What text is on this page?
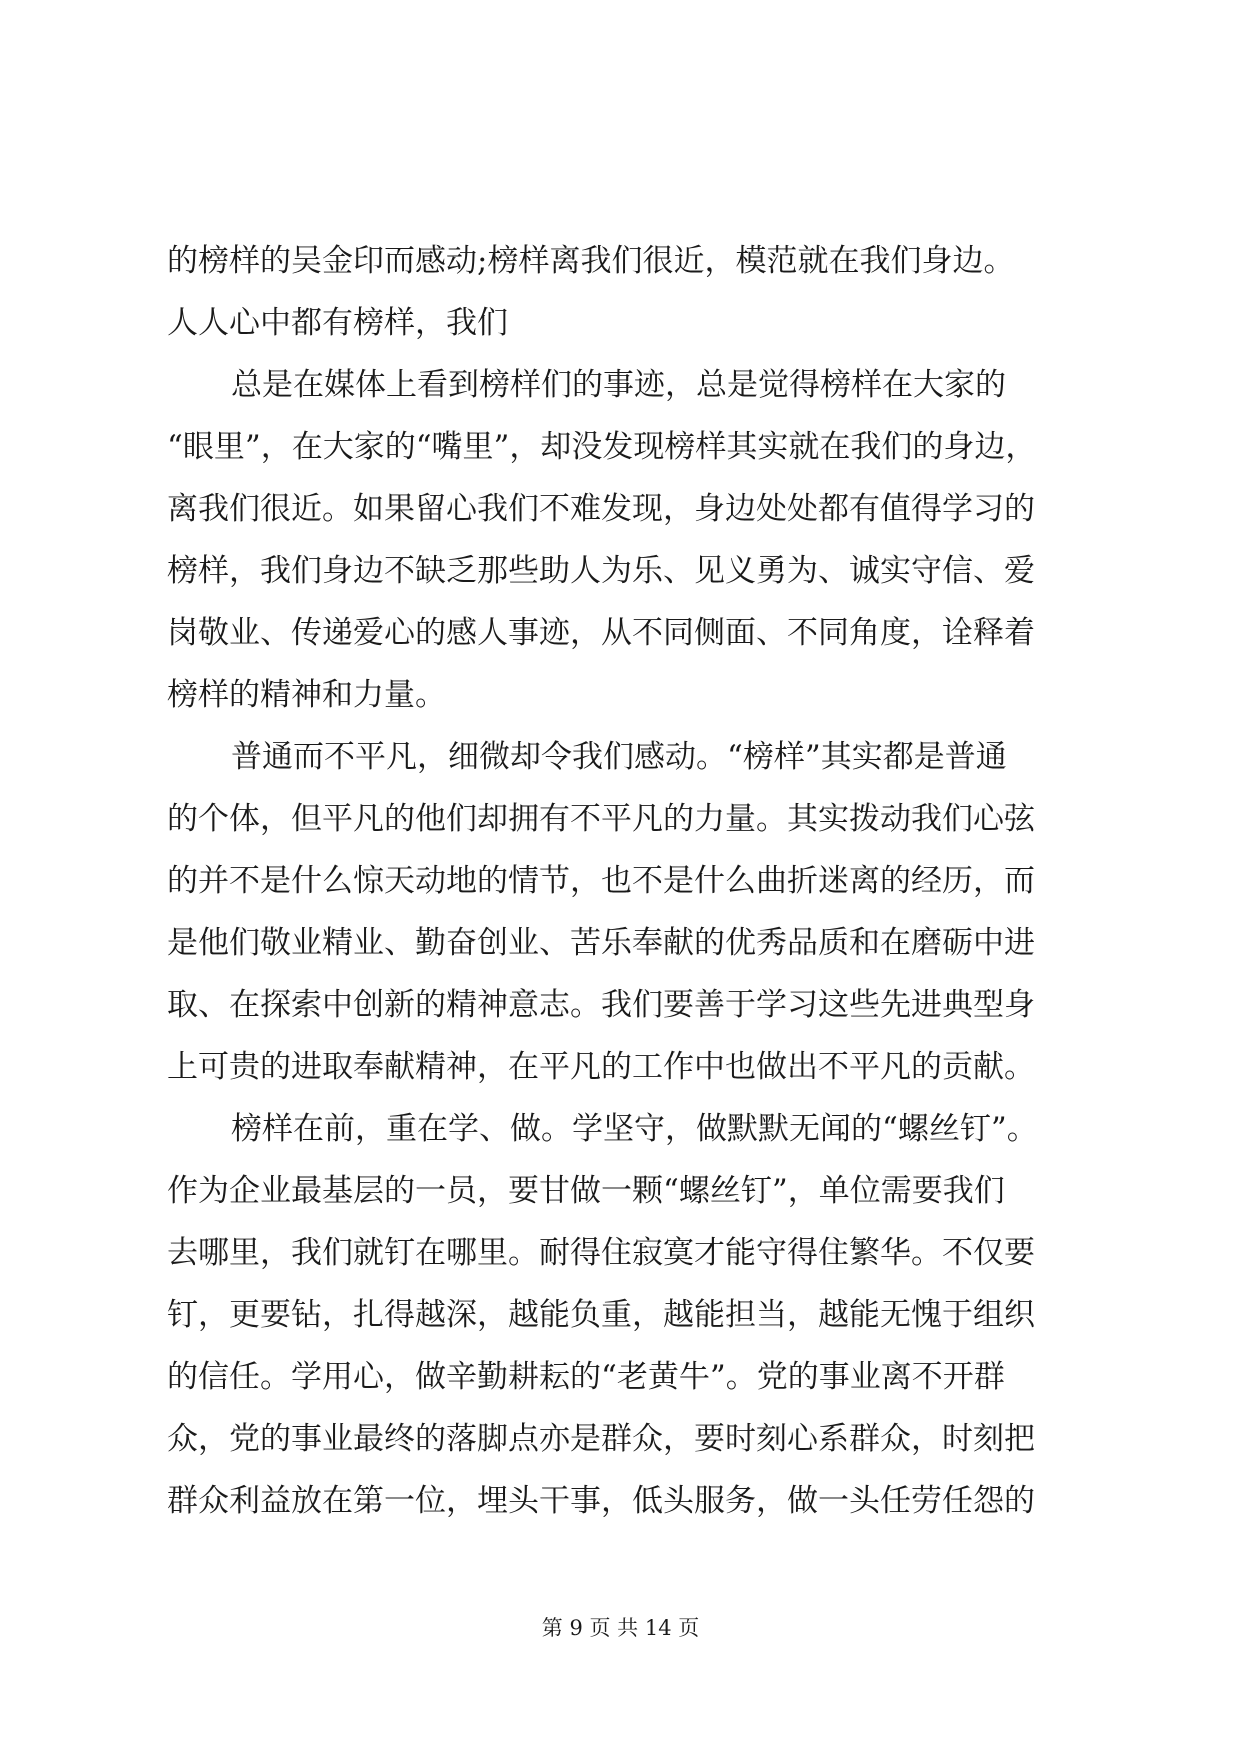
的榜样的吴金印而感动;榜样离我们很近，模范就在我们身边。
人人心中都有榜样，我们
总是在媒体上看到榜样们的事迹，总是觉得榜样在大家的
“眼里”，在大家的“嘴里”，却没发现榜样其实就在我们的身边，
离我们很近。如果留心我们不难发现，身边处处都有值得学习的
榜样，我们身边不缺乏那些助人为乐、见义勇为、诚实守信、爱
岗敬业、传递爱心的感人事迹，从不同侧面、不同角度，诠释着
榜样的精神和力量。
普通而不平凡，细微却令我们感动。“榜样”其实都是普通
的个体，但平凡的他们却拥有不平凡的力量。其实拨动我们心弦
的并不是什么惊天动地的情节，也不是什么曲折迷离的经历，而
是他们敬业精业、勤奋创业、苦乐奉献的优秀品质和在磨砺中进
取、在探索中创新的精神意志。我们要善于学习这些先进典型身
上可贵的进取奉献精神，在平凡的工作中也做出不平凡的贡献。
榜样在前，重在学、做。学坚守，做默默无闻的“螺丝钉”。
作为企业最基层的一员，要甘做一颗“螺丝钉”，单位需要我们
去哪里，我们就钉在哪里。耐得住寂寞才能守得住繁华。不仅要
钉，更要钻，扎得越深，越能负重，越能担当，越能无愧于组织
的信任。学用心，做辛勤耕耘的“老黄牛”。党的事业离不开群
众，党的事业最终的落脚点亦是群众，要时刻心系群众，时刻把
群众利益放在第一位，埋头干事，低头服务，做一头任劳任怨的
第 9 页 共 14 页
